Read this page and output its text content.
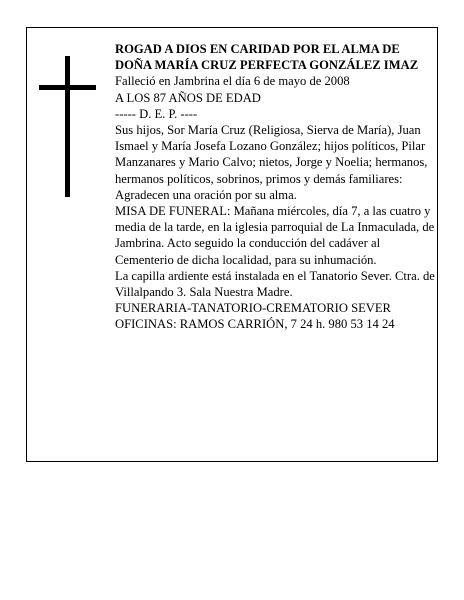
ROGAD A DIOS EN CARIDAD POR EL ALMA DE

DOÑA MARÍA CRUZ PERFECTA GONZÁLEZ IMAZ

Falleció en Jambrina el día 6 de mayo de 2008

A LOS 87 AÑOS DE EDAD

----- D. E. P. ----

Sus hijos, Sor María Cruz (Religiosa, Sierva de María), Juan Ismael y María Josefa Lozano González; hijos políticos, Pilar Manzanares y Mario Calvo; nietos, Jorge y Noelia; hermanos, hermanos políticos, sobrinos, primos y demás familiares:

Agradecen una oración por su alma.

MISA DE FUNERAL: Mañana miércoles, día 7, a las cuatro y media de la tarde, en la iglesia parroquial de La Inmaculada, de Jambrina. Acto seguido la conducción del cadáver al Cementerio de dicha localidad, para su inhumación.

La capilla ardiente está instalada en el Tanatorio Sever. Ctra. de Villalpando 3. Sala Nuestra Madre.

FUNERARIA-TANATORIO-CREMATORIO SEVER

OFICINAS: RAMOS CARRIÓN, 7 24 h. 980 53 14 24
